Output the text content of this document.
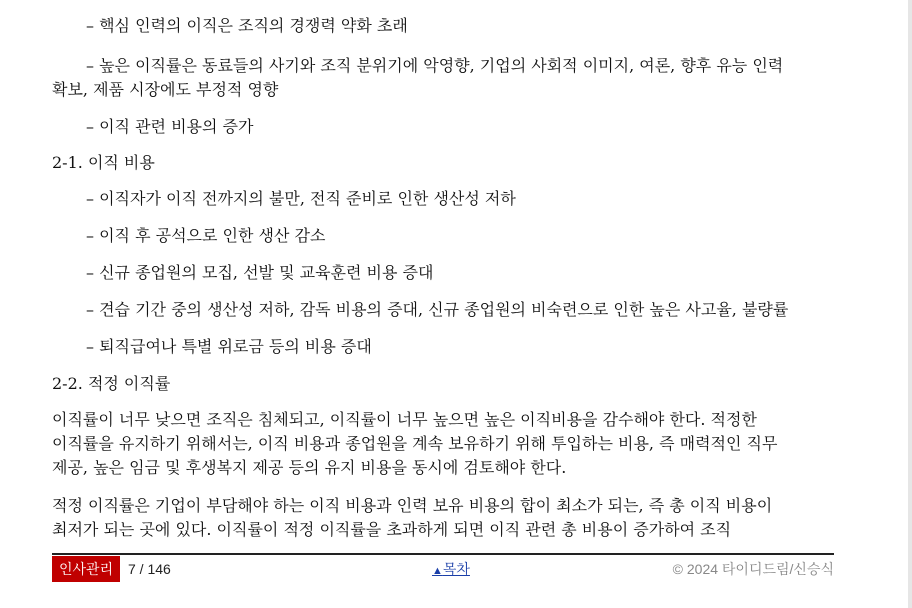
– 핵심 인력의 이직은 조직의 경쟁력 약화 초래
– 높은 이직률은 동료들의 사기와 조직 분위기에 악영향, 기업의 사회적 이미지, 여론, 향후 유능 인력
확보, 제품 시장에도 부정적 영향
– 이직 관련 비용의 증가
2-1. 이직 비용
– 이직자가 이직 전까지의 불만, 전직 준비로 인한 생산성 저하
– 이직 후 공석으로 인한 생산 감소
– 신규 종업원의 모집, 선발 및 교육훈련 비용 증대
– 견습 기간 중의 생산성 저하, 감독 비용의 증대, 신규 종업원의 비숙련으로 인한 높은 사고율, 불량률
– 퇴직급여나 특별 위로금 등의 비용 증대
2-2. 적정 이직률
이직률이 너무 낮으면 조직은 침체되고, 이직률이 너무 높으면 높은 이직비용을 감수해야 한다. 적정한
이직률을 유지하기 위해서는, 이직 비용과 종업원을 계속 보유하기 위해 투입하는 비용, 즉 매력적인 직무
제공, 높은 임금 및 후생복지 제공 등의 유지 비용을 동시에 검토해야 한다.
적정 이직률은 기업이 부담해야 하는 이직 비용과 인력 보유 비용의 합이 최소가 되는, 즉 총 이직 비용이
최저가 되는 곳에 있다. 이직률이 적정 이직률을 초과하게 되면 이직 관련 총 비용이 증가하여 조직
인사관리	7 / 146	▲목차	© 2024 타이디드림/신승식
